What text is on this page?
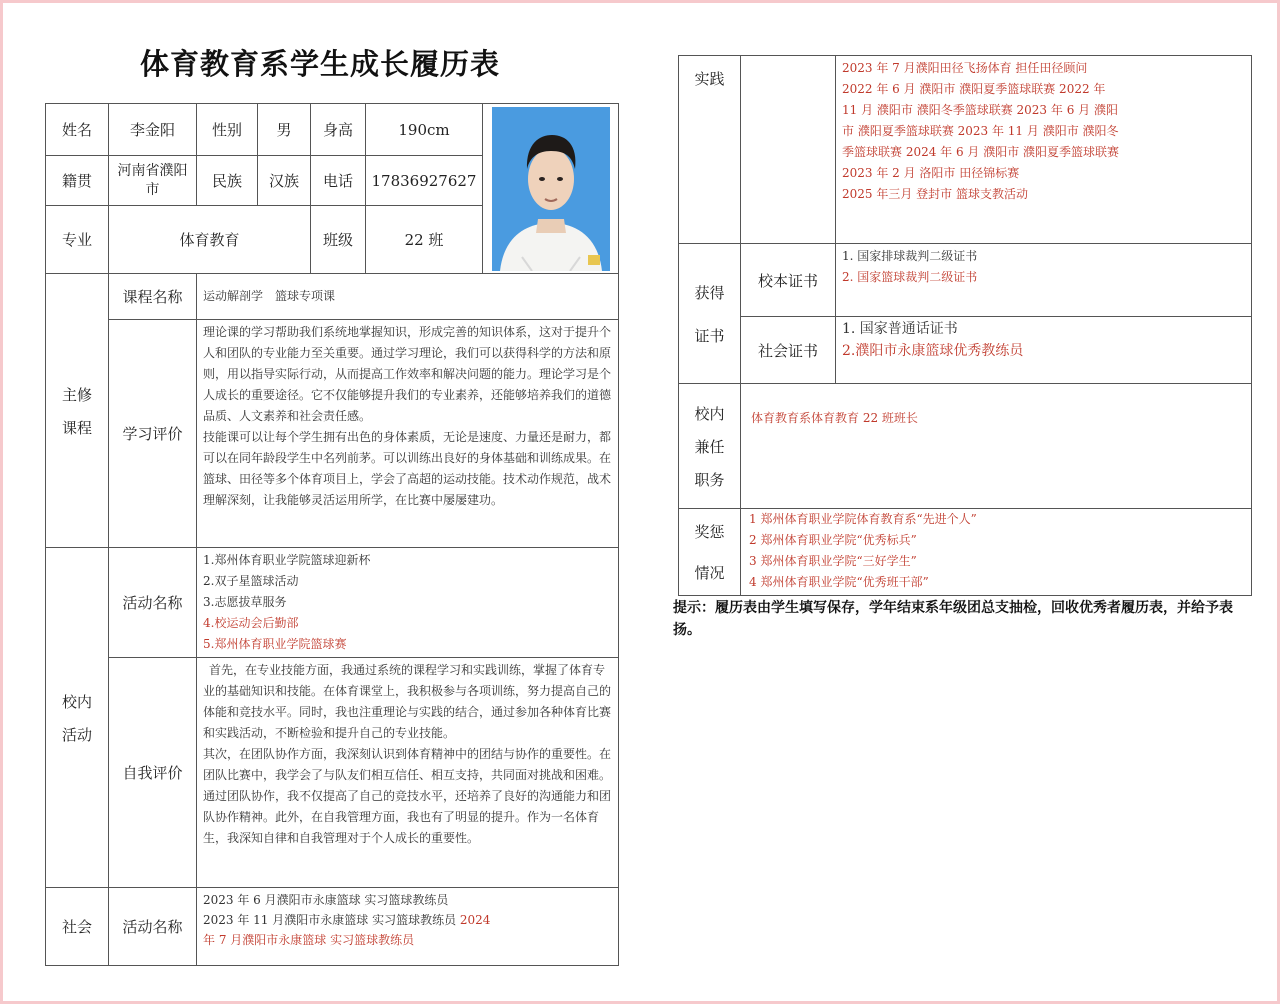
体育教育系学生成长履历表
姓名	李金阳	性别	男	身高	190cm	

籍贯	河南省濮阳市	民族	汉族	电话	17836927627	
专业	体育教育			班级	22 班	

主修
课程	课程名称	运动解剖学　篮球专项课				
	学习评价	理论课的学习帮助我们系统地掌握知识，形成完善的知识体系，这对于提升个人和团队的专业能力至关重要。通过学习理论，我们可以获得科学的方法和原则，用以指导实际行动，从而提高工作效率和解决问题的能力。理论学习是个人成长的重要途径。它不仅能够提升我们的专业素养，还能够培养我们的道德品质、人文素养和社会责任感。
技能课可以让每个学生拥有出色的身体素质，无论是速度、力量还是耐力，都可以在同年龄段学生中名列前茅。可以训练出良好的身体基础和训练成果。在篮球、田径等多个体育项目上，学会了高超的运动技能。技术动作规范，战术理解深刻，让我能够灵活运用所学，在比赛中屡屡建功。				

校内
活动	活动名称	1.郑州体育职业学院篮球迎新杯
2.双子星篮球活动
3.志愿拔草服务
4.校运动会后勤部
5.郑州体育职业学院篮球赛				

	自我评价	首先，在专业技能方面，我通过系统的课程学习和实践训练，掌握了体育专业的基础知识和技能。在体育课堂上，我积极参与各项训练，努力提高自己的体能和竞技水平。同时，我也注重理论与实践的结合，通过参加各种体育比赛和实践活动，不断检验和提升自己的专业技能。
其次，在团队协作方面，我深刻认识到体育精神中的团结与协作的重要性。在团队比赛中，我学会了与队友们相互信任、相互支持，共同面对挑战和困难。通过团队协作，我不仅提高了自己的竞技水平，还培养了良好的沟通能力和团队协作精神。此外，在自我管理方面，我也有了明显的提升。作为一名体育生，我深知自律和自我管理对于个人成长的重要性。				

社会	活动名称	2023 年 6 月濮阳市永康篮球 实习篮球教练员
2023 年 11 月濮阳市永康篮球 实习篮球教练员 2024 年 7 月濮阳市永康篮球 实习篮球教练员				
实践		2023 年 7 月濮阳田径飞扬体育 担任田径顾问 2022 年 6 月 濮阳市 濮阳夏季篮球联赛 2022 年 11 月 濮阳市 濮阳冬季篮球联赛 2023 年 6 月 濮阳市 濮阳夏季篮球联赛 2023 年 11 月 濮阳市 濮阳冬季篮球联赛 2024 年 6 月 濮阳市 濮阳夏季篮球联赛 2023 年 2 月 洛阳市 田径锦标赛
2025 年三月 登封市 篮球支教活动

获得
证书	校本证书	1. 国家排球裁判二级证书
2. 国家篮球裁判二级证书

	社会证书	1. 国家普通话证书
2.濮阳市永康篮球优秀教练员

校内
兼任
职务	体育教育系体育教育 22 班班长	

奖惩
情况	1 郑州体育职业学院体育教育系“先进个人”
2 郑州体育职业学院“优秀标兵”
3 郑州体育职业学院“三好学生”
4 郑州体育职业学院“优秀班干部”	
提示：履历表由学生填写保存，学年结束系年级团总支抽检，回收优秀者履历表，并给予表扬。
